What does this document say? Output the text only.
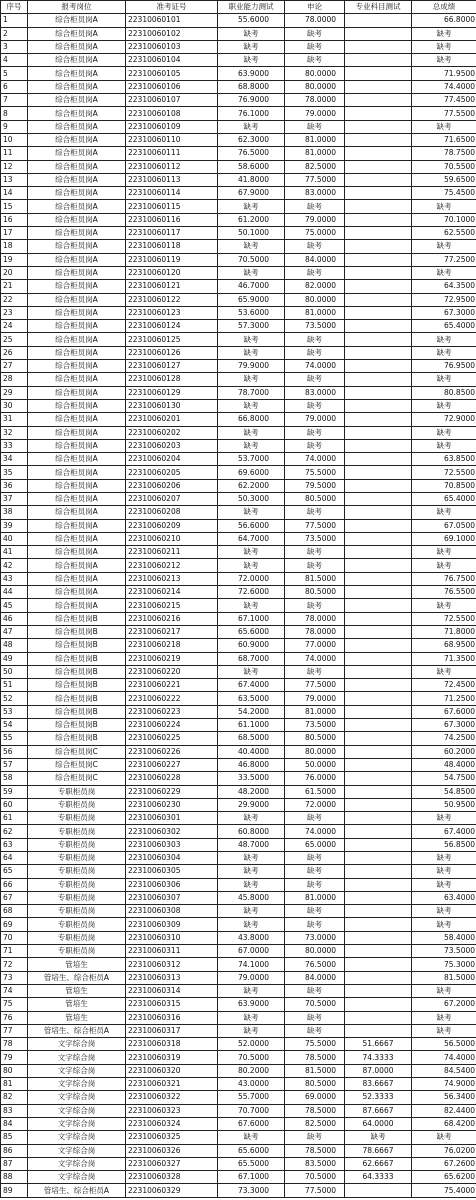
序号	报考岗位	准考证号	职业能力测试	申论	专业科目测试	总成绩
1	综合柜员岗A	22310060101	55.6000	78.0000		66.8000
2	综合柜员岗A	22310060102	缺考	缺考		缺考
3	综合柜员岗A	22310060103	缺考	缺考		缺考
4	综合柜员岗A	22310060104	缺考	缺考		缺考
5	综合柜员岗A	22310060105	63.9000	80.0000		71.9500
6	综合柜员岗A	22310060106	68.8000	80.0000		74.4000
7	综合柜员岗A	22310060107	76.9000	78.0000		77.4500
8	综合柜员岗A	22310060108	76.1000	79.0000		77.5500
9	综合柜员岗A	22310060109	缺考	缺考		缺考
10	综合柜员岗A	22310060110	62.3000	81.0000		71.6500
11	综合柜员岗A	22310060111	76.5000	81.0000		78.7500
12	综合柜员岗A	22310060112	58.6000	82.5000		70.5500
13	综合柜员岗A	22310060113	41.8000	77.5000		59.6500
14	综合柜员岗A	22310060114	67.9000	83.0000		75.4500
15	综合柜员岗A	22310060115	缺考	缺考		缺考
16	综合柜员岗A	22310060116	61.2000	79.0000		70.1000
17	综合柜员岗A	22310060117	50.1000	75.0000		62.5500
18	综合柜员岗A	22310060118	缺考	缺考		缺考
19	综合柜员岗A	22310060119	70.5000	84.0000		77.2500
20	综合柜员岗A	22310060120	缺考	缺考		缺考
21	综合柜员岗A	22310060121	46.7000	82.0000		64.3500
22	综合柜员岗A	22310060122	65.9000	80.0000		72.9500
23	综合柜员岗A	22310060123	53.6000	81.0000		67.3000
24	综合柜员岗A	22310060124	57.3000	73.5000		65.4000
25	综合柜员岗A	22310060125	缺考	缺考		缺考
26	综合柜员岗A	22310060126	缺考	缺考		缺考
27	综合柜员岗A	22310060127	79.9000	74.0000		76.9500
28	综合柜员岗A	22310060128	缺考	缺考		缺考
29	综合柜员岗A	22310060129	78.7000	83.0000		80.8500
30	综合柜员岗A	22310060130	缺考	缺考		缺考
31	综合柜员岗A	22310060201	66.8000	79.0000		72.9000
32	综合柜员岗A	22310060202	缺考	缺考		缺考
33	综合柜员岗A	22310060203	缺考	缺考		缺考
34	综合柜员岗A	22310060204	53.7000	74.0000		63.8500
35	综合柜员岗A	22310060205	69.6000	75.5000		72.5500
36	综合柜员岗A	22310060206	62.2000	79.5000		70.8500
37	综合柜员岗A	22310060207	50.3000	80.5000		65.4000
38	综合柜员岗A	22310060208	缺考	缺考		缺考
39	综合柜员岗A	22310060209	56.6000	77.5000		67.0500
40	综合柜员岗A	22310060210	64.7000	73.5000		69.1000
41	综合柜员岗A	22310060211	缺考	缺考		缺考
42	综合柜员岗A	22310060212	缺考	缺考		缺考
43	综合柜员岗A	22310060213	72.0000	81.5000		76.7500
44	综合柜员岗A	22310060214	72.6000	80.5000		76.5500
45	综合柜员岗A	22310060215	缺考	缺考		缺考
46	综合柜员岗B	22310060216	67.1000	78.0000		72.5500
47	综合柜员岗B	22310060217	65.6000	78.0000		71.8000
48	综合柜员岗B	22310060218	60.9000	77.0000		68.9500
49	综合柜员岗B	22310060219	68.7000	74.0000		71.3500
50	综合柜员岗B	22310060220	缺考	缺考		缺考
51	综合柜员岗B	22310060221	67.4000	77.5000		72.4500
52	综合柜员岗B	22310060222	63.5000	79.0000		71.2500
53	综合柜员岗B	22310060223	54.2000	81.0000		67.6000
54	综合柜员岗B	22310060224	61.1000	73.5000		67.3000
55	综合柜员岗B	22310060225	68.5000	80.5000		74.2500
56	综合柜员岗C	22310060226	40.4000	80.0000		60.2000
57	综合柜员岗C	22310060227	46.8000	50.0000		48.4000
58	综合柜员岗C	22310060228	33.5000	76.0000		54.7500
59	专职柜员岗	22310060229	48.2000	61.5000		54.8500
60	专职柜员岗	22310060230	29.9000	72.0000		50.9500
61	专职柜员岗	22310060301	缺考	缺考		缺考
62	专职柜员岗	22310060302	60.8000	74.0000		67.4000
63	专职柜员岗	22310060303	48.7000	65.0000		56.8500
64	专职柜员岗	22310060304	缺考	缺考		缺考
65	专职柜员岗	22310060305	缺考	缺考		缺考
66	专职柜员岗	22310060306	缺考	缺考		缺考
67	专职柜员岗	22310060307	45.8000	81.0000		63.4000
68	专职柜员岗	22310060308	缺考	缺考		缺考
69	专职柜员岗	22310060309	缺考	缺考		缺考
70	专职柜员岗	22310060310	43.8000	73.0000		58.4000
71	专职柜员岗	22310060311	67.0000	80.0000		73.5000
72	管培生	22310060312	74.1000	76.5000		75.3000
73	管培生、综合柜员A	22310060313	79.0000	84.0000		81.5000
74	管培生	22310060314	缺考	缺考		缺考
75	管培生	22310060315	63.9000	70.5000		67.2000
76	管培生	22310060316	缺考	缺考		缺考
77	管培生、综合柜员A	22310060317	缺考	缺考		缺考
78	文字综合岗	22310060318	52.0000	75.5000	51.6667	56.5000
79	文字综合岗	22310060319	70.5000	78.5000	74.3333	74.4000
80	文字综合岗	22310060320	80.2000	81.5000	87.0000	84.5400
81	文字综合岗	22310060321	43.0000	80.5000	83.6667	74.9000
82	文字综合岗	22310060322	55.7000	69.0000	52.3333	56.3400
83	文字综合岗	22310060323	70.7000	78.5000	87.6667	82.4400
84	文字综合岗	22310060324	67.6000	82.5000	64.0000	68.4200
85	文字综合岗	22310060325	缺考	缺考	缺考	缺考
86	文字综合岗	22310060326	65.6000	78.5000	78.6667	76.0200
87	文字综合岗	22310060327	65.5000	83.5000	62.6667	67.2600
88	文字综合岗	22310060328	67.1000	70.5000	64.3333	65.6200
89	管培生、综合柜员A	22310060329	73.3000	77.5000		75.4000
